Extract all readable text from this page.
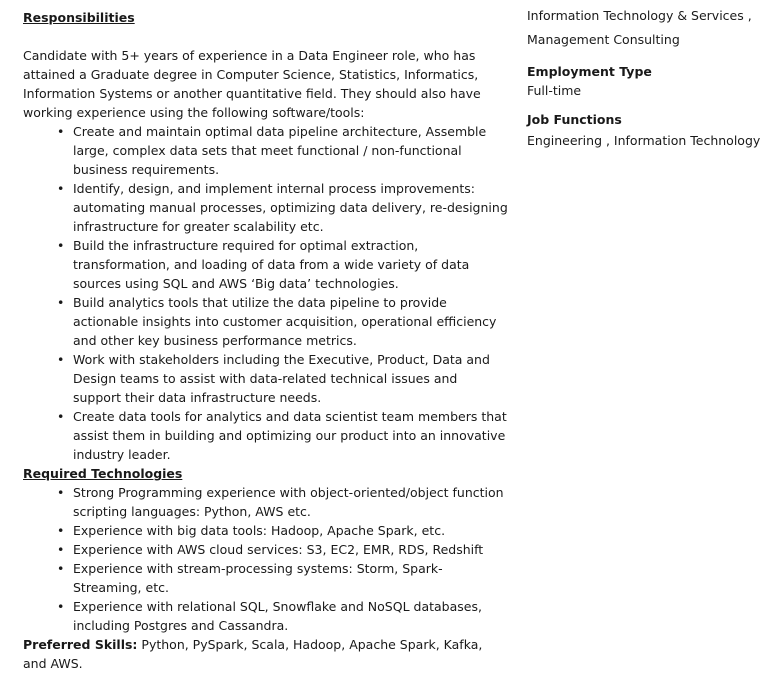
Responsibilities

Candidate with 5+ years of experience in a Data Engineer role, who has attained a Graduate degree in Computer Science, Statistics, Informatics, Information Systems or another quantitative field. They should also have working experience using the following software/tools:

• Create and maintain optimal data pipeline architecture, Assemble large, complex data sets that meet functional / non-functional business requirements.
• Identify, design, and implement internal process improvements: automating manual processes, optimizing data delivery, re-designing infrastructure for greater scalability etc.
• Build the infrastructure required for optimal extraction, transformation, and loading of data from a wide variety of data sources using SQL and AWS ‘Big data’ technologies.
• Build analytics tools that utilize the data pipeline to provide actionable insights into customer acquisition, operational efficiency and other key business performance metrics.
• Work with stakeholders including the Executive, Product, Data and Design teams to assist with data-related technical issues and support their data infrastructure needs.
• Create data tools for analytics and data scientist team members that assist them in building and optimizing our product into an innovative industry leader.

Required Technologies

• Strong Programming experience with object-oriented/object function scripting languages: Python, AWS etc.
• Experience with big data tools: Hadoop, Apache Spark, etc.
• Experience with AWS cloud services: S3, EC2, EMR, RDS, Redshift
• Experience with stream-processing systems: Storm, Spark-Streaming, etc.
• Experience with relational SQL, Snowflake and NoSQL databases, including Postgres and Cassandra.

Preferred Skills: Python, PySpark, Scala, Hadoop, Apache Spark, Kafka, and AWS.

Information Technology & Services ,
Management Consulting
Employment Type
Full-time
Job Functions
Engineering , Information Technology
